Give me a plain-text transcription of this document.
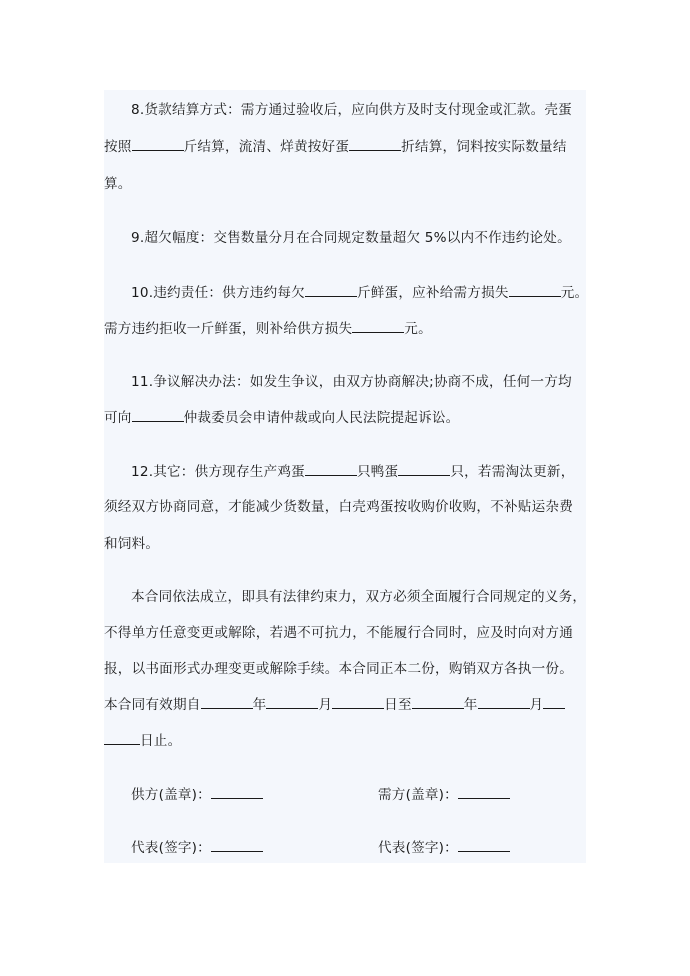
8.货款结算方式：需方通过验收后，应向供方及时支付现金或汇款。壳蛋
按照	斤结算，流清、烊黄按好蛋	折结算，饲料按实际数量结
算。
9.超欠幅度：交售数量分月在合同规定数量超欠 5%以内不作违约论处。
10.违约责任：供方违约每欠	斤鲜蛋，应补给需方损失	元。
需方违约拒收一斤鲜蛋，则补给供方损失	元。
11.争议解决办法：如发生争议，由双方协商解决;协商不成，任何一方均
可向	仲裁委员会申请仲裁或向人民法院提起诉讼。
12.其它：供方现存生产鸡蛋	只鸭蛋	只，若需淘汰更新，
须经双方协商同意，才能减少货数量，白壳鸡蛋按收购价收购，不补贴运杂费
和饲料。
本合同依法成立，即具有法律约束力，双方必须全面履行合同规定的义务，
不得单方任意变更或解除，若遇不可抗力，不能履行合同时，应及时向对方通
报，以书面形式办理变更或解除手续。本合同正本二份，购销双方各执一份。
本合同有效期自	年	月	日至	年	月
日止。
供方(盖章)：	需方(盖章)：
代表(签字)：	代表(签字)：
